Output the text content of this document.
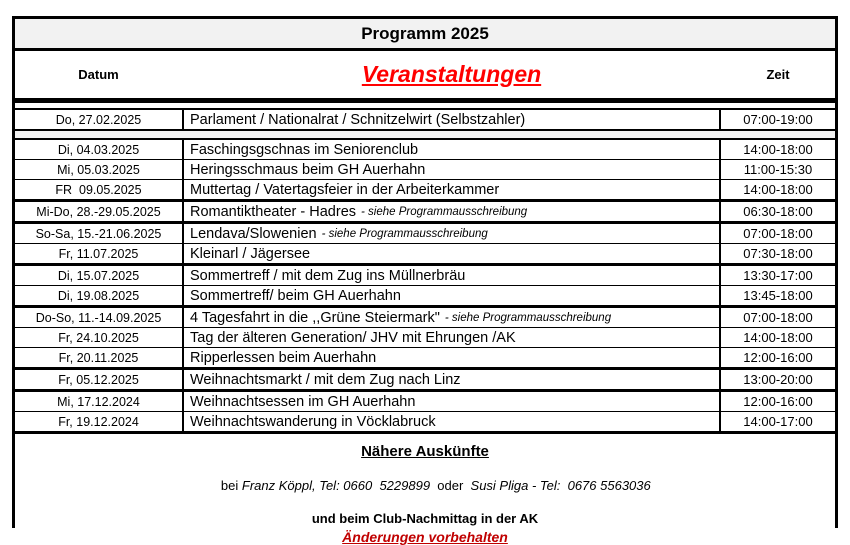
Programm 2025
Datum	Veranstaltungen	Zeit
Do, 27.02.2025	Parlament / Nationalrat / Schnitzelwirt (Selbstzahler)	07:00-19:00
Di, 04.03.2025	Faschingsgschnas im Seniorenclub	14:00-18:00
Mi, 05.03.2025	Heringsschmaus beim GH Auerhahn	11:00-15:30
FR  09.05.2025	Muttertag / Vatertagsfeier in der Arbeiterkammer	14:00-18:00
Mi-Do, 28.-29.05.2025	Romantiktheater - Hadres - siehe Programmausschreibung	06:30-18:00
So-Sa, 15.-21.06.2025	Lendava/Slowenien - siehe Programmausschreibung	07:00-18:00
Fr, 11.07.2025	Kleinarl / Jägersee	07:30-18:00
Di, 15.07.2025	Sommertreff / mit dem Zug ins Müllnerbräu	13:30-17:00
Di, 19.08.2025	Sommertreff/ beim GH Auerhahn	13:45-18:00
Do-So, 11.-14.09.2025	4 Tagesfahrt in die ,,Grüne Steiermark" - siehe Programmausschreibung	07:00-18:00
Fr, 24.10.2025	Tag der älteren Generation/ JHV mit Ehrungen /AK	14:00-18:00
Fr, 20.11.2025	Ripperlessen beim Auerhahn	12:00-16:00
Fr, 05.12.2025	Weihnachtsmarkt / mit dem Zug nach Linz	13:00-20:00
Mi, 17.12.2024	Weihnachtsessen im GH Auerhahn	12:00-16:00
Fr, 19.12.2024	Weihnachtswanderung in Vöcklabruck	14:00-17:00
Nähere Auskünfte

bei Franz Köppl, Tel: 0660  5229899  oder  Susi Pliga - Tel:  0676 5563036

und beim Club-Nachmittag in der AK
Änderungen vorbehalten
